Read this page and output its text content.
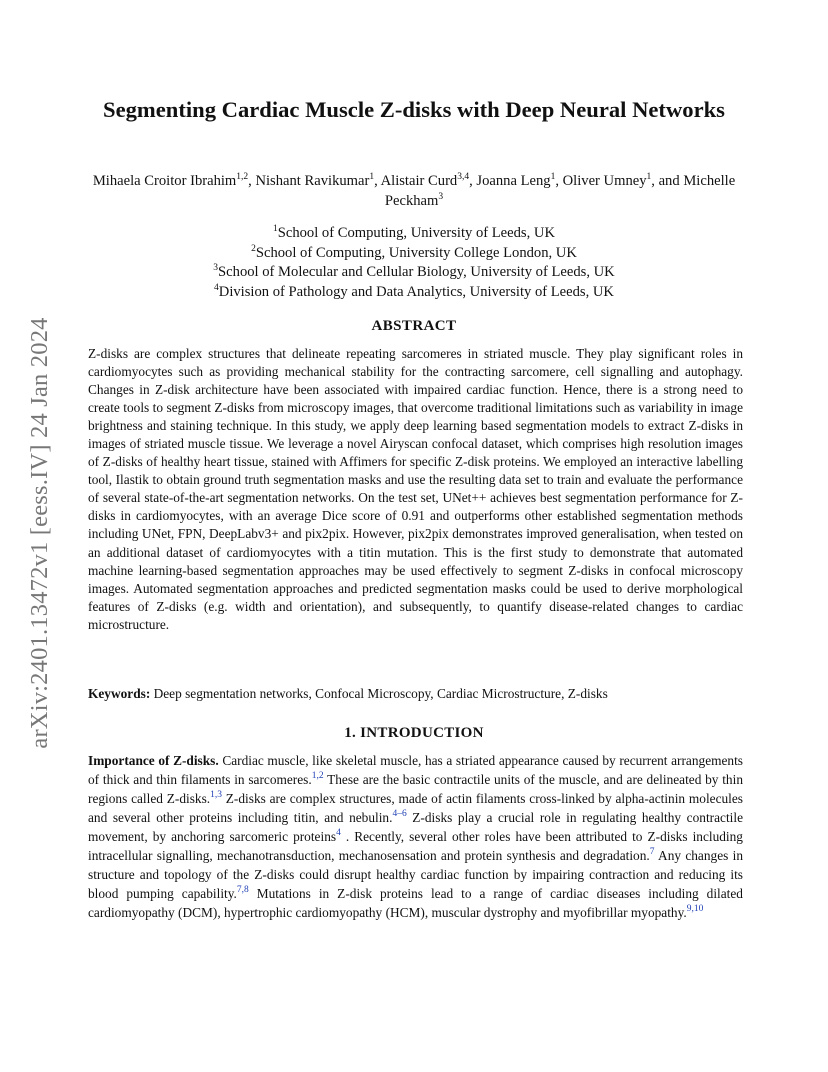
arXiv:2401.13472v1 [eess.IV] 24 Jan 2024
Segmenting Cardiac Muscle Z-disks with Deep Neural Networks
Mihaela Croitor Ibrahim$^{1,2}$, Nishant Ravikumar$^1$, Alistair Curd$^{3,4}$, Joanna Leng$^1$, Oliver Umney$^1$, and Michelle Peckham$^3$
$^1$School of Computing, University of Leeds, UK
$^2$School of Computing, University College London, UK
$^3$School of Molecular and Cellular Biology, University of Leeds, UK
$^4$Division of Pathology and Data Analytics, University of Leeds, UK
ABSTRACT
Z-disks are complex structures that delineate repeating sarcomeres in striated muscle. They play significant roles in cardiomyocytes such as providing mechanical stability for the contracting sarcomere, cell signalling and autophagy. Changes in Z-disk architecture have been associated with impaired cardiac function. Hence, there is a strong need to create tools to segment Z-disks from microscopy images, that overcome traditional limitations such as variability in image brightness and staining technique. In this study, we apply deep learning based segmentation models to extract Z-disks in images of striated muscle tissue. We leverage a novel Airyscan confocal dataset, which comprises high resolution images of Z-disks of healthy heart tissue, stained with Affimers for specific Z-disk proteins. We employed an interactive labelling tool, Ilastik to obtain ground truth segmentation masks and use the resulting data set to train and evaluate the performance of several state-of-the-art segmentation networks. On the test set, UNet++ achieves best segmentation performance for Z-disks in cardiomyocytes, with an average Dice score of 0.91 and outperforms other established segmentation methods including UNet, FPN, DeepLabv3+ and pix2pix. However, pix2pix demonstrates improved generalisation, when tested on an additional dataset of cardiomyocytes with a titin mutation. This is the first study to demonstrate that automated machine learning-based segmentation approaches may be used effectively to segment Z-disks in confocal microscopy images. Automated segmentation approaches and predicted segmentation masks could be used to derive morphological features of Z-disks (e.g. width and orientation), and subsequently, to quantify disease-related changes to cardiac microstructure.
Keywords: Deep segmentation networks, Confocal Microscopy, Cardiac Microstructure, Z-disks
1. INTRODUCTION
Importance of Z-disks. Cardiac muscle, like skeletal muscle, has a striated appearance caused by recurrent arrangements of thick and thin filaments in sarcomeres.$^{1,2}$ These are the basic contractile units of the muscle, and are delineated by thin regions called Z-disks.$^{1,3}$ Z-disks are complex structures, made of actin filaments cross-linked by alpha-actinin molecules and several other proteins including titin, and nebulin.$^{4-6}$ Z-disks play a crucial role in regulating healthy contractile movement, by anchoring sarcomeric proteins$^4$ . Recently, several other roles have been attributed to Z-disks including intracellular signalling, mechanotransduction, mechanosensation and protein synthesis and degradation.$^7$ Any changes in structure and topology of the Z-disks could disrupt healthy cardiac function by impairing contraction and reducing its blood pumping capability.$^{7,8}$ Mutations in Z-disk proteins lead to a range of cardiac diseases including dilated cardiomyopathy (DCM), hypertrophic cardiomyopathy (HCM), muscular dystrophy and myofibrillar myopathy.$^{9,10}$
